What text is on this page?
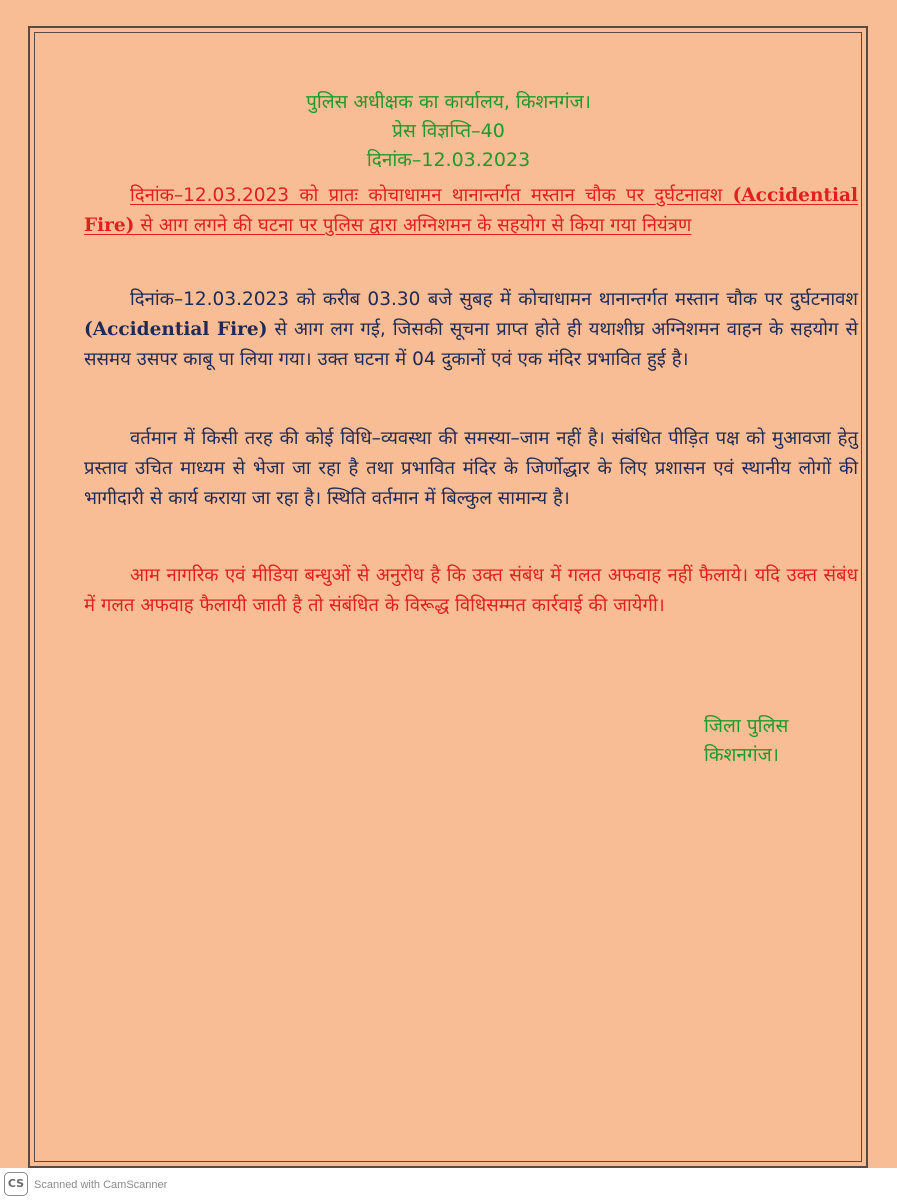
पुलिस अधीक्षक का कार्यालय, किशनगंज।
प्रेस विज्ञप्ति–40
दिनांक–12.03.2023

दिनांक–12.03.2023 को प्रातः कोचाधामन थानान्तर्गत मस्तान चौक पर दुर्घटनावश (Accidential Fire) से आग लगने की घटना पर पुलिस द्वारा अग्निशमन के सहयोग से किया गया नियंत्रण

दिनांक–12.03.2023 को करीब 03.30 बजे सुबह में कोचाधामन थानान्तर्गत मस्तान चौक पर दुर्घटनावश (Accidential Fire) से आग लग गई, जिसकी सूचना प्राप्त होते ही यथाशीघ्र अग्निशमन वाहन के सहयोग से ससमय उसपर काबू पा लिया गया। उक्त घटना में 04 दुकानों एवं एक मंदिर प्रभावित हुई है।

वर्तमान में किसी तरह की कोई विधि–व्यवस्था की समस्या–जाम नहीं है। संबंधित पीड़ित पक्ष को मुआवजा हेतु प्रस्ताव उचित माध्यम से भेजा जा रहा है तथा प्रभावित मंदिर के जिर्णोद्धार के लिए प्रशासन एवं स्थानीय लोगों की भागीदारी से कार्य कराया जा रहा है। स्थिति वर्तमान में बिल्कुल सामान्य है।

आम नागरिक एवं मीडिया बन्धुओं से अनुरोध है कि उक्त संबंध में गलत अफवाह नहीं फैलाये। यदि उक्त संबंध में गलत अफवाह फैलायी जाती है तो संबंधित के विरूद्ध विधिसम्मत कार्रवाई की जायेगी।

जिला पुलिस
किशनगंज।
CS Scanned with CamScanner
